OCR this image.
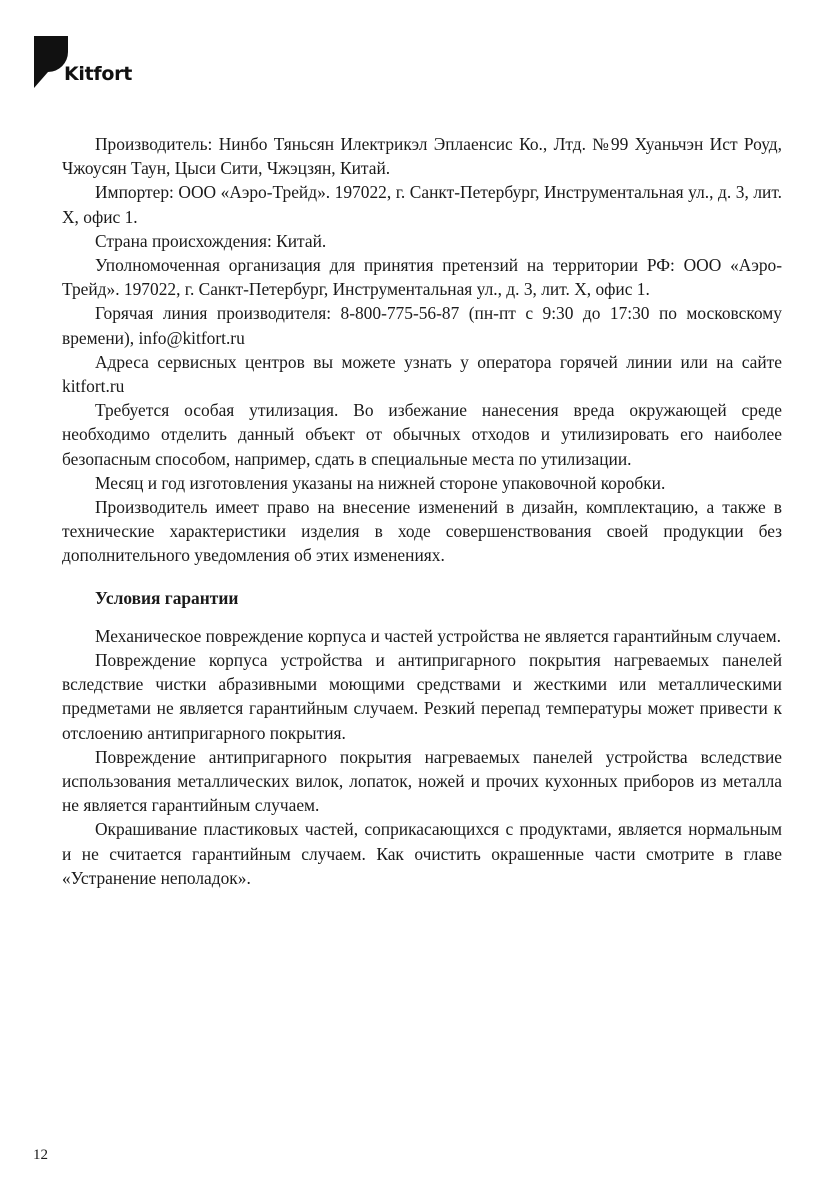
Kitfort

Производитель: Нинбо Тяньсян Илектрикэл Эплаенсис Ко., Лтд. №99 Хуаньчэн Ист Роуд, Чжоусян Таун, Цыси Сити, Чжэцзян, Китай.

Импортер: ООО «Аэро-Трейд». 197022, г. Санкт-Петербург, Инструментальная ул., д. 3, лит. Х, офис 1.

Страна происхождения: Китай.

Уполномоченная организация для принятия претензий на территории РФ: ООО «Аэро-Трейд». 197022, г. Санкт-Петербург, Инструментальная ул., д. 3, лит. Х, офис 1.

Горячая линия производителя: 8-800-775-56-87 (пн-пт с 9:30 до 17:30 по московскому времени), info@kitfort.ru

Адреса сервисных центров вы можете узнать у оператора горячей линии или на сайте kitfort.ru

Требуется особая утилизация. Во избежание нанесения вреда окружающей среде необходимо отделить данный объект от обычных отходов и утилизировать его наиболее безопасным способом, например, сдать в специальные места по утилизации.

Месяц и год изготовления указаны на нижней стороне упаковочной коробки.

Производитель имеет право на внесение изменений в дизайн, комплектацию, а также в технические характеристики изделия в ходе совершенствования своей продукции без дополнительного уведомления об этих изменениях.

Условия гарантии

Механическое повреждение корпуса и частей устройства не является гарантийным случаем.

Повреждение корпуса устройства и антипригарного покрытия нагреваемых панелей вследствие чистки абразивными моющими средствами и жесткими или металлическими предметами не является гарантийным случаем. Резкий перепад температуры может привести к отслоению антипригарного покрытия.

Повреждение антипригарного покрытия нагреваемых панелей устройства вследствие использования металлических вилок, лопаток, ножей и прочих кухонных приборов из металла не является гарантийным случаем.

Окрашивание пластиковых частей, соприкасающихся с продуктами, является нормальным и не считается гарантийным случаем. Как очистить окрашенные части смотрите в главе «Устранение неполадок».

12
